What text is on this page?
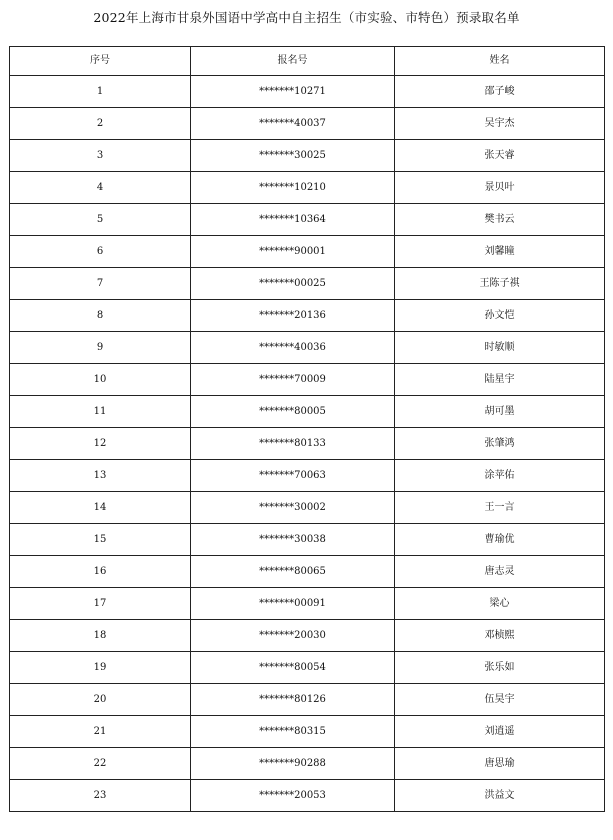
2022年上海市甘泉外国语中学高中自主招生（市实验、市特色）预录取名单
序号	报名号	姓名
1	*******10271	邵子峻
2	*******40037	吴宇杰
3	*******30025	张天睿
4	*******10210	景贝叶
5	*******10364	樊书云
6	*******90001	刘馨瞳
7	*******00025	王陈子祺
8	*******20136	孙文恺
9	*******40036	时敏顺
10	*******70009	陆星宇
11	*******80005	胡可墨
12	*******80133	张肇鸿
13	*******70063	涂苹佑
14	*******30002	王一言
15	*******30038	曹瑜优
16	*******80065	唐志灵
17	*******00091	梁心
18	*******20030	邓桢熙
19	*******80054	张乐如
20	*******80126	伍昊宇
21	*******80315	刘逍遥
22	*******90288	唐思瑜
23	*******20053	洪益文
